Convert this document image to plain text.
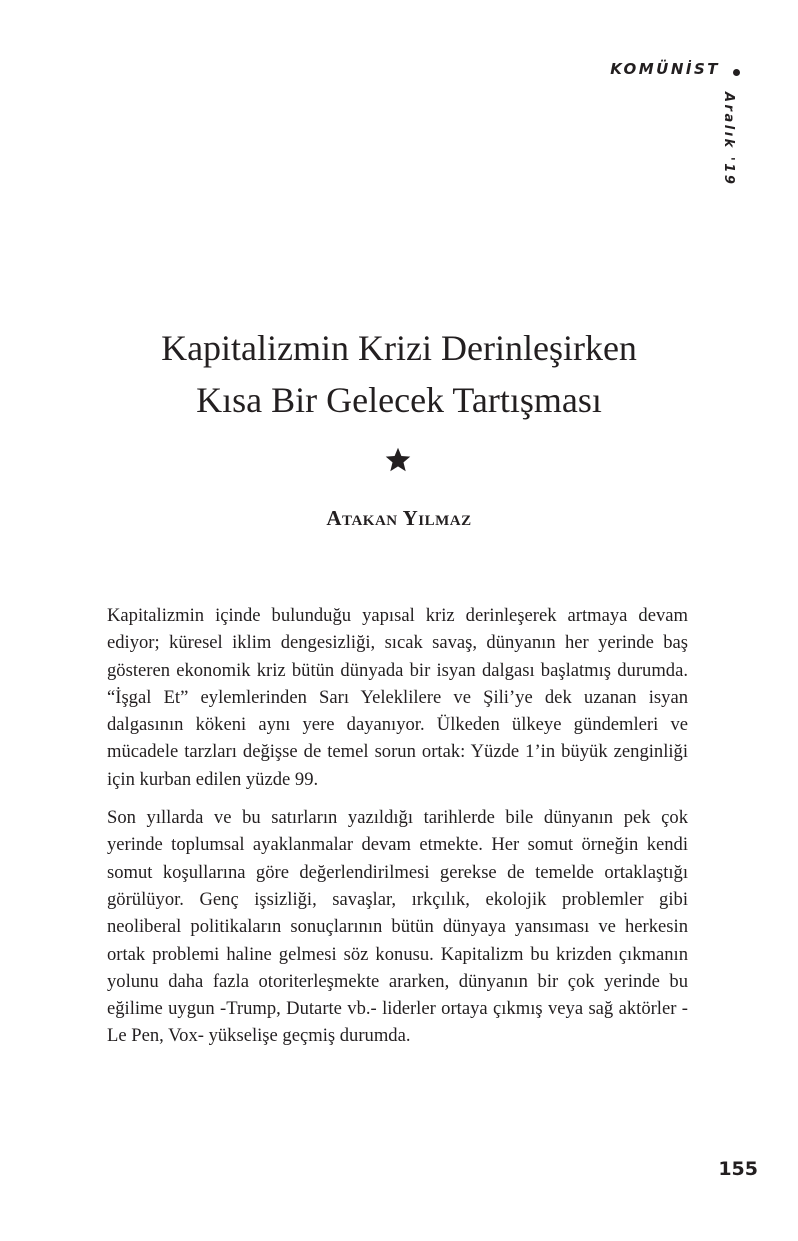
KOMÜNİST
Aralık '19
Kapitalizmin Krizi Derinleşirken
Kısa Bir Gelecek Tartışması
Atakan Yılmaz

Kapitalizmin içinde bulunduğu yapısal kriz derinleşerek artmaya devam ediyor; küresel iklim dengesizliği, sıcak savaş, dünyanın her yerinde baş gösteren ekonomik kriz bütün dünyada bir isyan dalgası başlatmış durumda. “İşgal Et” eylemlerinden Sarı Yeleklilere ve Şili’ye dek uzanan isyan dalgasının kökeni aynı yere dayanıyor. Ülkeden ülkeye gündemleri ve mücadele tarzları değişse de temel sorun ortak: Yüzde 1’in büyük zenginliği için kurban edilen yüzde 99.

Son yıllarda ve bu satırların yazıldığı tarihlerde bile dünyanın pek çok yerinde toplumsal ayaklanmalar devam etmekte. Her somut örneğin kendi somut koşullarına göre değerlendirilmesi gerekse de temelde ortaklaştığı görülüyor. Genç işsizliği, savaşlar, ırkçılık, ekolojik problemler gibi neoliberal politikaların sonuçlarının bütün dünyaya yansıması ve herkesin ortak problemi haline gelmesi söz konusu. Kapitalizm bu krizden çıkmanın yolunu daha fazla otoriterleşmekte ararken, dünyanın bir çok yerinde bu eğilime uygun -Trump, Dutarte vb.- liderler ortaya çıkmış veya sağ aktörler -Le Pen, Vox- yükselişe geçmiş durumda.

155
